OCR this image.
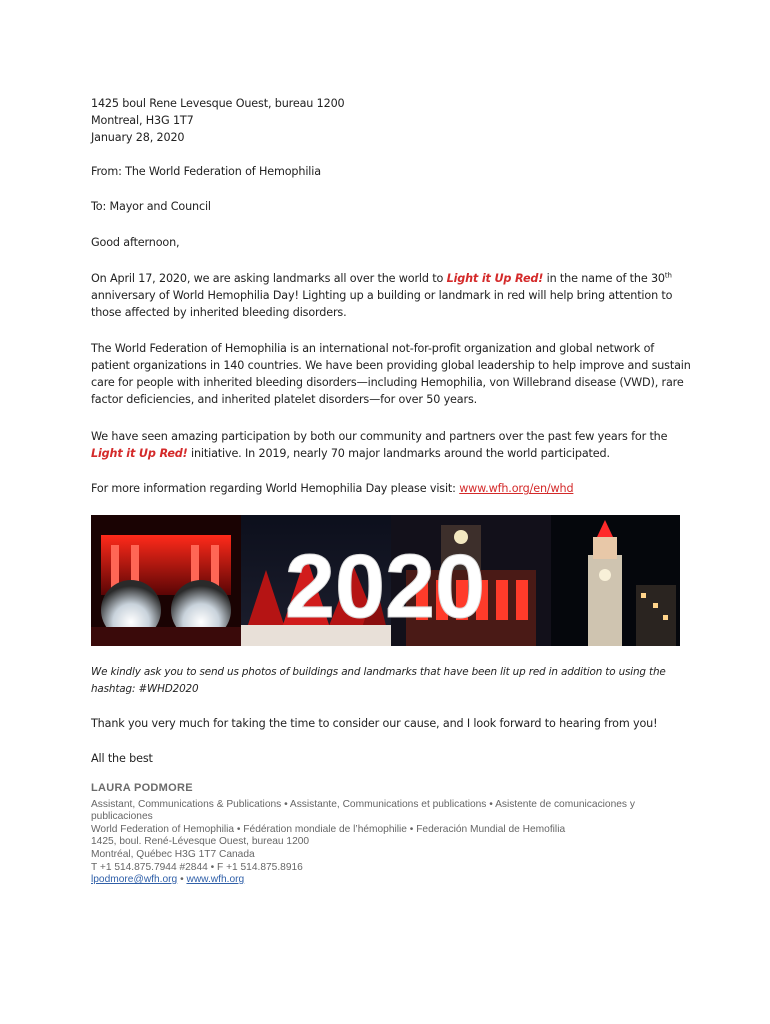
1425 boul Rene Levesque Ouest, bureau 1200
Montreal, H3G 1T7
January 28, 2020
From: The World Federation of Hemophilia
To: Mayor and Council
Good afternoon,
On April 17, 2020, we are asking landmarks all over the world to Light it Up Red! in the name of the 30th anniversary of World Hemophilia Day! Lighting up a building or landmark in red will help bring attention to those affected by inherited bleeding disorders.
The World Federation of Hemophilia is an international not-for-profit organization and global network of patient organizations in 140 countries. We have been providing global leadership to help improve and sustain care for people with inherited bleeding disorders—including Hemophilia, von Willebrand disease (VWD), rare factor deficiencies, and inherited platelet disorders—for over 50 years.
We have seen amazing participation by both our community and partners over the past few years for the Light it Up Red! initiative. In 2019, nearly 70 major landmarks around the world participated.
For more information regarding World Hemophilia Day please visit: www.wfh.org/en/whd
2020
We kindly ask you to send us photos of buildings and landmarks that have been lit up red in addition to using the hashtag: #WHD2020
Thank you very much for taking the time to consider our cause, and I look forward to hearing from you!
All the best
LAURA PODMORE
Assistant, Communications & Publications • Assistante, Communications et publications • Asistente de comunicaciones y publicaciones
World Federation of Hemophilia • Fédération mondiale de l’hémophilie • Federación Mundial de Hemofilia
1425, boul. René-Lévesque Ouest, bureau 1200
Montréal, Québec H3G 1T7 Canada
T +1 514.875.7944 #2844 • F +1 514.875.8916
lpodmore@wfh.org • www.wfh.org
